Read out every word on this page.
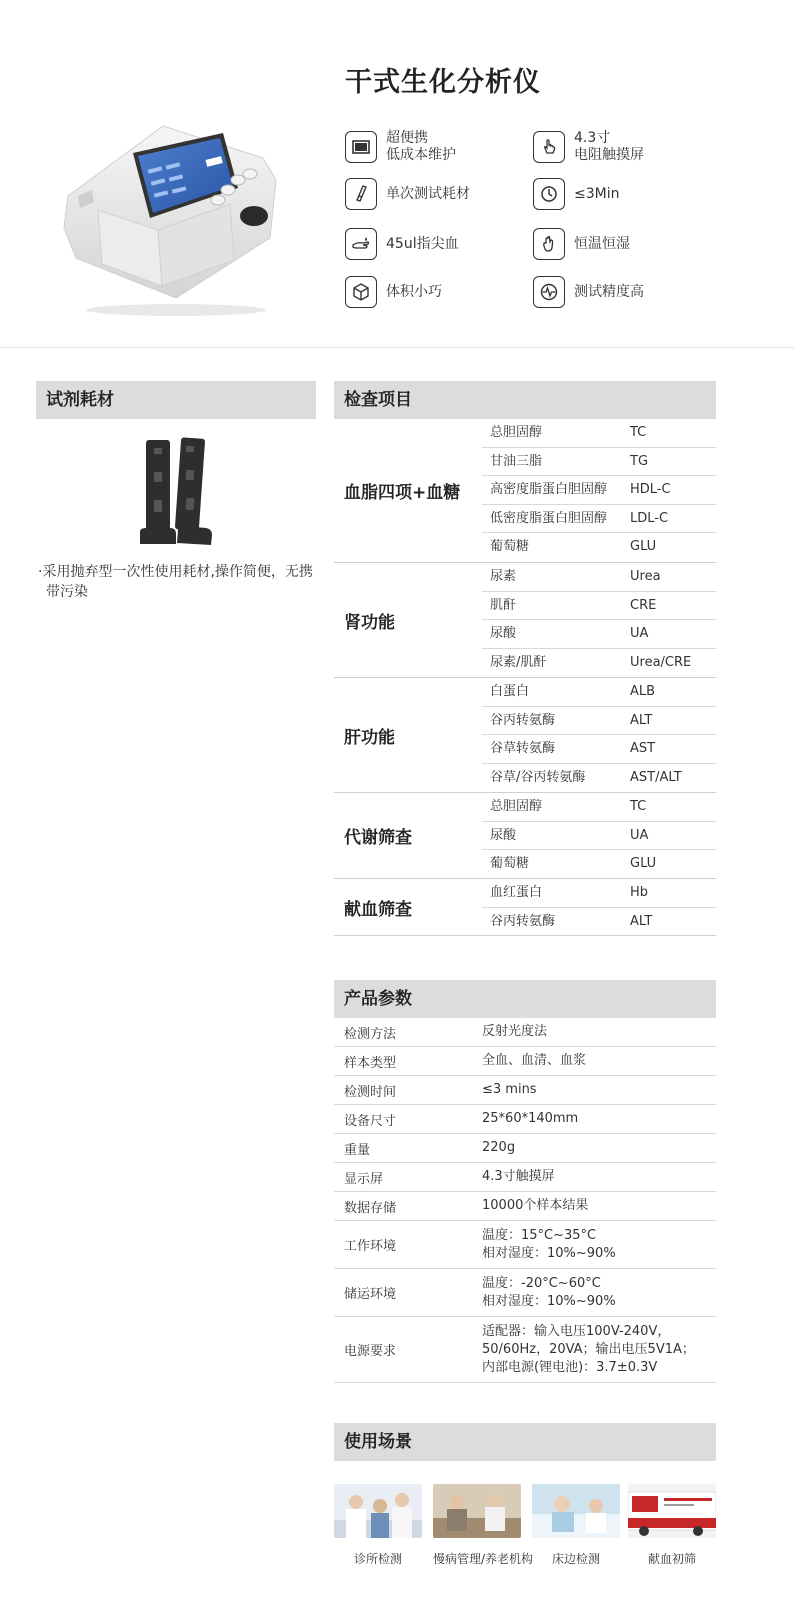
干式生化分析仪
超便携
低成本维护
4.3寸
电阻触摸屏
单次测试耗材	≤3Min
45ul指尖血	恒温恒湿
体积小巧	测试精度高
试剂耗材
·采用抛弃型一次性使用耗材,操作简便，无携带污染
检查项目
血脂四项+血糖
总胆固醇	TC
甘油三脂	TG
高密度脂蛋白胆固醇 HDL-C
低密度脂蛋白胆固醇 LDL-C
葡萄糖	GLU
肾功能
尿素	Urea
肌酐	CRE
尿酸	UA
尿素/肌酐	Urea/CRE
肝功能
白蛋白	ALB
谷丙转氨酶	ALT
谷草转氨酶	AST
谷草/谷丙转氨酶	AST/ALT
代谢筛查
总胆固醇	TC
尿酸	UA
葡萄糖	GLU
献血筛查
血红蛋白	Hb
谷丙转氨酶	ALT
产品参数
检测方法	反射光度法
样本类型	全血、血清、血浆
检测时间	≤3 mins
设备尺寸	25*60*140mm
重量	220g
显示屏	4.3寸触摸屏
数据存储	10000个样本结果
工作环境
温度：15°C~35°C
相对湿度：10%~90%
储运环境
温度：-20°C~60°C
相对湿度：10%~90%
电源要求
适配器：输入电压100V-240V，
50/60Hz，20VA；输出电压5V1A；
内部电源(锂电池)：3.7±0.3V
使用场景
诊所检测	慢病管理/养老机构	床边检测	献血初筛
